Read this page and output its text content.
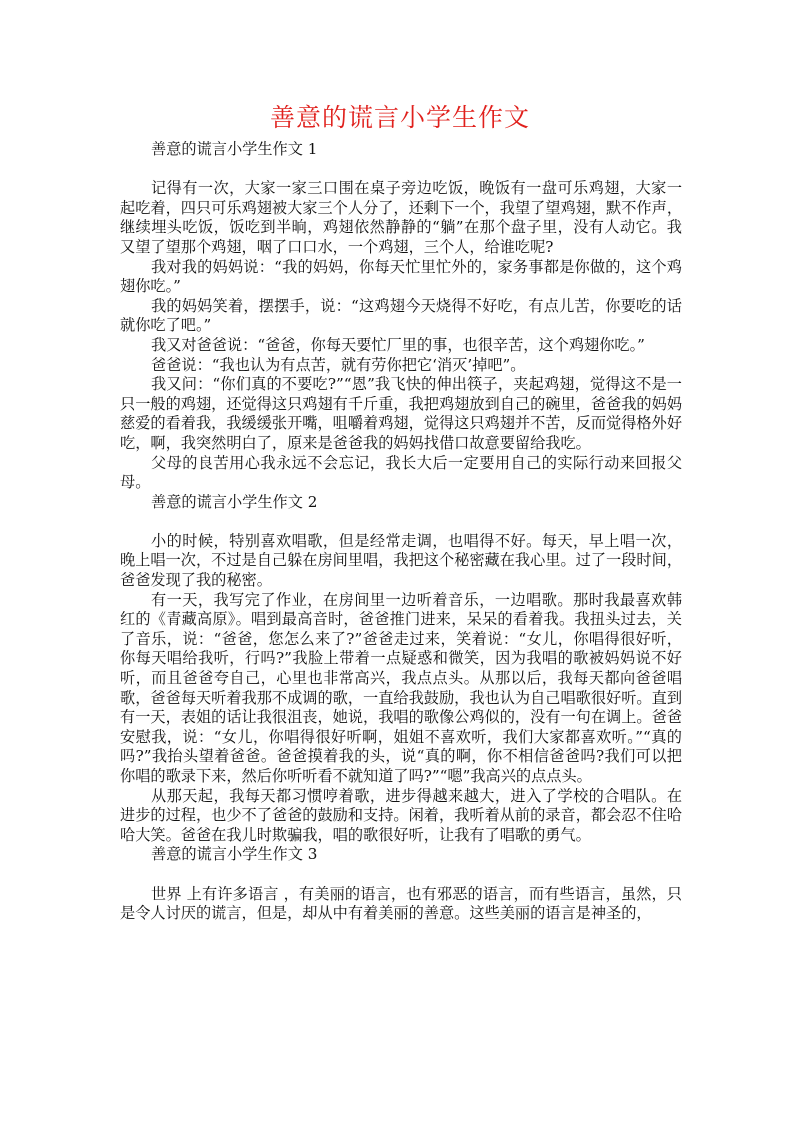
善意的谎言小学生作文
善意的谎言小学生作文 1

记得有一次，大家一家三口围在桌子旁边吃饭，晚饭有一盘可乐鸡翅，大家一起吃着，四只可乐鸡翅被大家三个人分了，还剩下一个，我望了望鸡翅，默不作声，继续埋头吃饭，饭吃到半晌，鸡翅依然静静的“躺”在那个盘子里，没有人动它。我又望了望那个鸡翅，咽了口口水，一个鸡翅，三个人，给谁吃呢?

我对我的妈妈说：“我的妈妈，你每天忙里忙外的，家务事都是你做的，这个鸡翅你吃。”

我的妈妈笑着，摆摆手，说：“这鸡翅今天烧得不好吃，有点儿苦，你要吃的话就你吃了吧。”

我又对爸爸说：“爸爸，你每天要忙厂里的事，也很辛苦，这个鸡翅你吃。”

爸爸说：“我也认为有点苦，就有劳你把它‘消灭’掉吧”。

我又问：“你们真的不要吃?”“恩”我飞快的伸出筷子，夹起鸡翅，觉得这不是一只一般的鸡翅，还觉得这只鸡翅有千斤重，我把鸡翅放到自己的碗里，爸爸我的妈妈慈爱的看着我，我缓缓张开嘴，咀嚼着鸡翅，觉得这只鸡翅并不苦，反而觉得格外好吃，啊，我突然明白了，原来是爸爸我的妈妈找借口故意要留给我吃。

父母的良苦用心我永远不会忘记，我长大后一定要用自己的实际行动来回报父母。

善意的谎言小学生作文 2

小的时候，特别喜欢唱歌，但是经常走调，也唱得不好。每天，早上唱一次，晚上唱一次，不过是自己躲在房间里唱，我把这个秘密藏在我心里。过了一段时间，爸爸发现了我的秘密。

有一天，我写完了作业，在房间里一边听着音乐，一边唱歌。那时我最喜欢韩红的《青藏高原》。唱到最高音时，爸爸推门进来，呆呆的看着我。我扭头过去，关了音乐，说：“爸爸，您怎么来了?”爸爸走过来，笑着说：“女儿，你唱得很好听，你每天唱给我听，行吗?”我脸上带着一点疑惑和微笑，因为我唱的歌被妈妈说不好听，而且爸爸夸自己，心里也非常高兴，我点点头。从那以后，我每天都向爸爸唱歌，爸爸每天听着我那不成调的歌，一直给我鼓励，我也认为自己唱歌很好听。直到有一天，表姐的话让我很沮丧，她说，我唱的歌像公鸡似的，没有一句在调上。爸爸安慰我，说：“女儿，你唱得很好听啊，姐姐不喜欢听，我们大家都喜欢听。”“真的吗?”我抬头望着爸爸。爸爸摸着我的头，说“真的啊，你不相信爸爸吗?我们可以把你唱的歌录下来，然后你听听看不就知道了吗?”“嗯”我高兴的点点头。

从那天起，我每天都习惯哼着歌，进步得越来越大，进入了学校的合唱队。在进步的过程，也少不了爸爸的鼓励和支持。闲着，我听着从前的录音，都会忍不住哈哈大笑。爸爸在我儿时欺骗我，唱的歌很好听，让我有了唱歌的勇气。

善意的谎言小学生作文 3

世界 上有许多语言 ，有美丽的语言，也有邪恶的语言，而有些语言，虽然，只是令人讨厌的谎言，但是，却从中有着美丽的善意。这些美丽的语言是神圣的，
